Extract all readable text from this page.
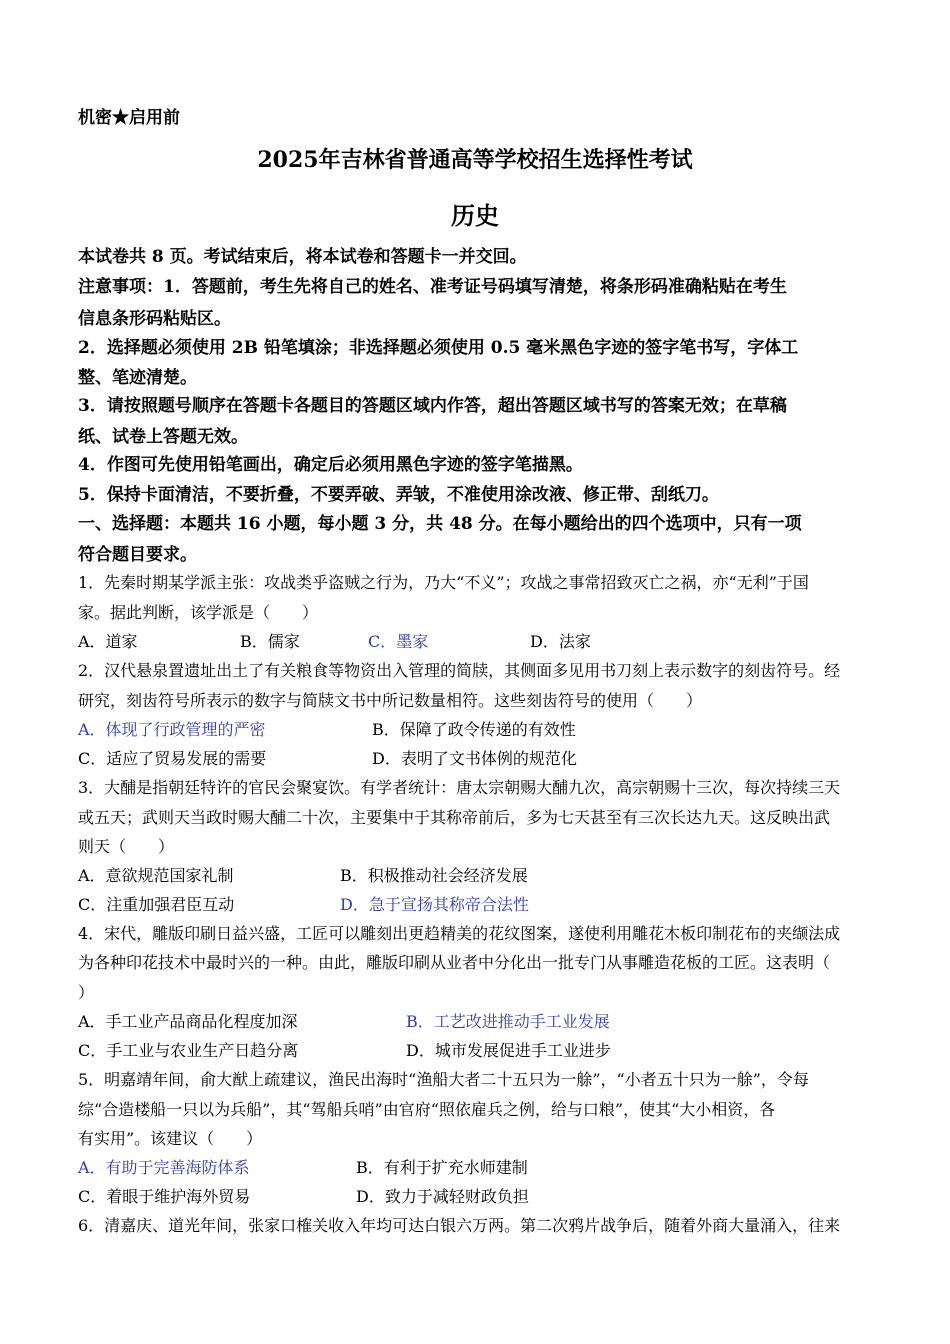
机密★启用前
2025年吉林省普通高等学校招生选择性考试
历史
本试卷共 8 页。考试结束后，将本试卷和答题卡一并交回。
注意事项：1．答题前，考生先将自己的姓名、准考证号码填写清楚，将条形码准确粘贴在考生
信息条形码粘贴区。
2．选择题必须使用 2B 铅笔填涂；非选择题必须使用 0.5 毫米黑色字迹的签字笔书写，字体工
整、笔迹清楚。
3．请按照题号顺序在答题卡各题目的答题区域内作答，超出答题区域书写的答案无效；在草稿
纸、试卷上答题无效。
4．作图可先使用铅笔画出，确定后必须用黑色字迹的签字笔描黑。
5．保持卡面清洁，不要折叠，不要弄破、弄皱，不准使用涂改液、修正带、刮纸刀。
一、选择题：本题共 16 小题，每小题 3 分，共 48 分。在每小题给出的四个选项中，只有一项
符合题目要求。
1．先秦时期某学派主张：攻战类乎盗贼之行为，乃大“不义”；攻战之事常招致灭亡之祸，亦“无利”于国
家。据此判断，该学派是（　　）
A．道家	B．儒家	C．墨家	D．法家
2．汉代悬泉置遗址出土了有关粮食等物资出入管理的简牍，其侧面多见用书刀刻上表示数字的刻齿符号。经
研究，刻齿符号所表示的数字与简牍文书中所记数量相符。这些刻齿符号的使用（　　）
A．体现了行政管理的严密	B．保障了政令传递的有效性
C．适应了贸易发展的需要	D．表明了文书体例的规范化
3．大酺是指朝廷特许的官民会聚宴饮。有学者统计：唐太宗朝赐大酺九次，高宗朝赐十三次，每次持续三天
或五天；武则天当政时赐大酺二十次，主要集中于其称帝前后，多为七天甚至有三次长达九天。这反映出武
则天（　　）
A．意欲规范国家礼制	B．积极推动社会经济发展
C．注重加强君臣互动	D．急于宣扬其称帝合法性
4．宋代，雕版印刷日益兴盛，工匠可以雕刻出更趋精美的花纹图案，遂使利用雕花木板印制花布的夹缬法成
为各种印花技术中最时兴的一种。由此，雕版印刷从业者中分化出一批专门从事雕造花板的工匠。这表明（
）
A．手工业产品商品化程度加深	B．工艺改进推动手工业发展
C．手工业与农业生产日趋分离	D．城市发展促进手工业进步
5．明嘉靖年间，俞大猷上疏建议，渔民出海时“渔船大者二十五只为一艅”，“小者五十只为一艅”，令每
综“合造楼船一只以为兵船”，其“驾船兵哨”由官府“照依雇兵之例，给与口粮”，使其“大小相资，各
有实用”。该建议（　　）
A．有助于完善海防体系	B．有利于扩充水师建制
C．着眼于维护海外贸易	D．致力于减轻财政负担
6．清嘉庆、道光年间，张家口榷关收入年均可达白银六万两。第二次鸦片战争后，随着外商大量涌入，往来
